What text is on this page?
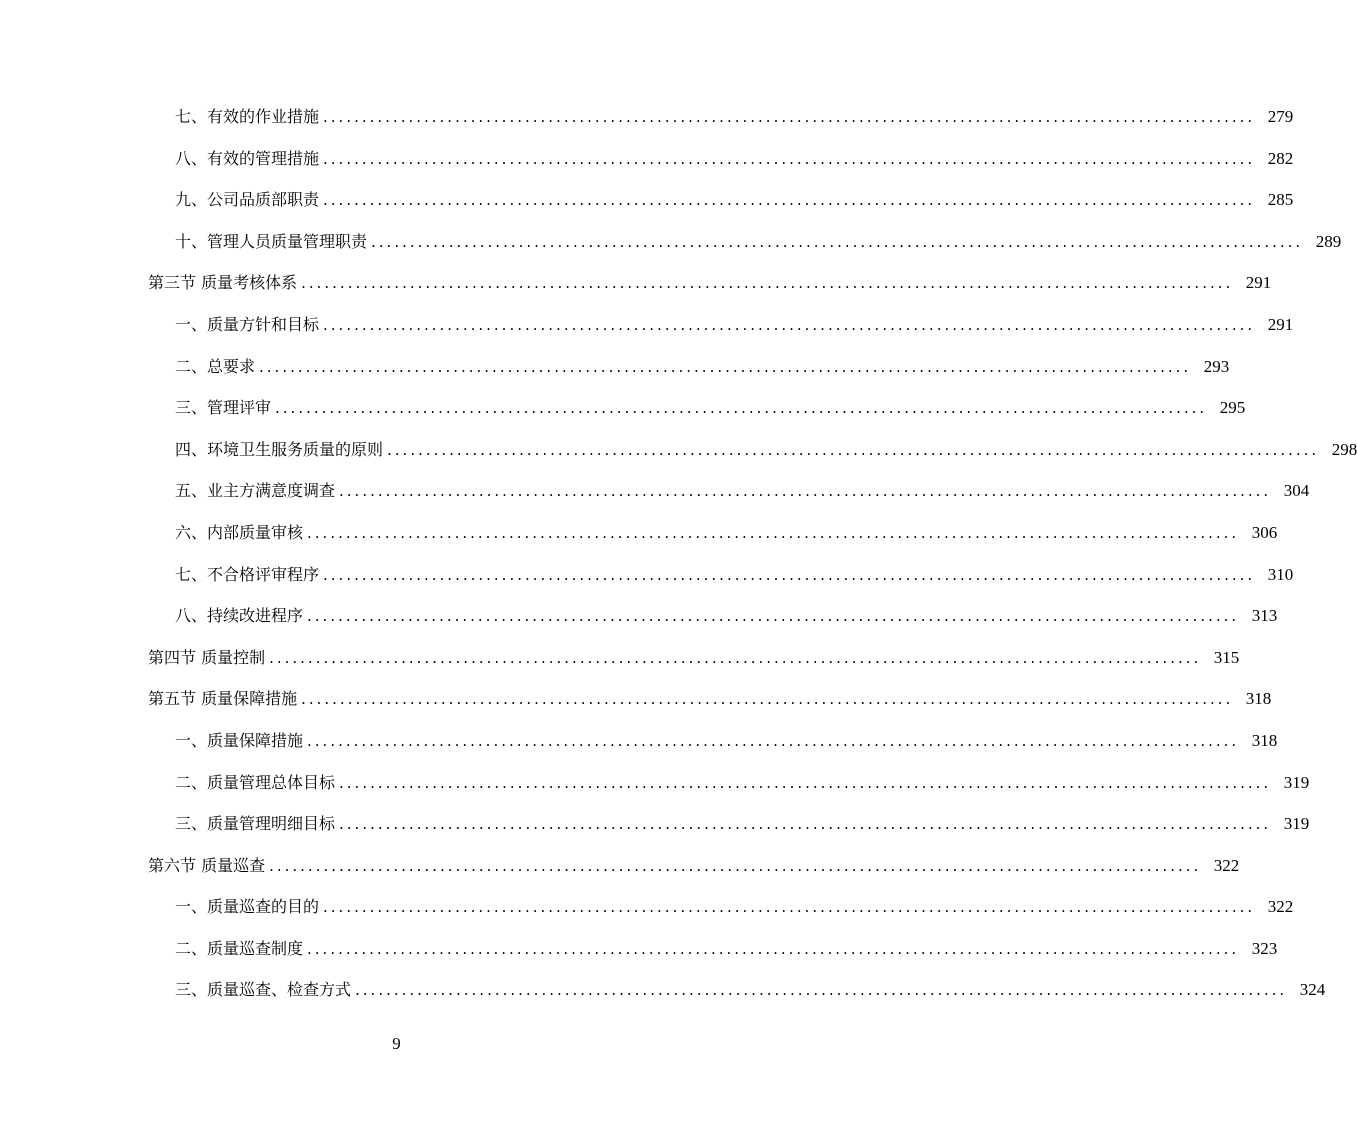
七、有效的作业措施 ........................................................................................................................ 279
八、有效的管理措施 ........................................................................................................................ 282
九、公司品质部职责 ........................................................................................................................ 285
十、管理人员质量管理职责 ........................................................................................................................ 289
第三节 质量考核体系 ........................................................................................................................ 291
一、质量方针和目标 ........................................................................................................................ 291
二、总要求 ........................................................................................................................ 293
三、管理评审 ........................................................................................................................ 295
四、环境卫生服务质量的原则 ........................................................................................................................ 298
五、业主方满意度调查 ........................................................................................................................ 304
六、内部质量审核 ........................................................................................................................ 306
七、不合格评审程序 ........................................................................................................................ 310
八、持续改进程序 ........................................................................................................................ 313
第四节 质量控制 ........................................................................................................................ 315
第五节 质量保障措施 ........................................................................................................................ 318
一、质量保障措施 ........................................................................................................................ 318
二、质量管理总体目标 ........................................................................................................................ 319
三、质量管理明细目标 ........................................................................................................................ 319
第六节 质量巡查 ........................................................................................................................ 322
一、质量巡查的目的 ........................................................................................................................ 322
二、质量巡查制度 ........................................................................................................................ 323
三、质量巡查、检查方式 ........................................................................................................................ 324
9
